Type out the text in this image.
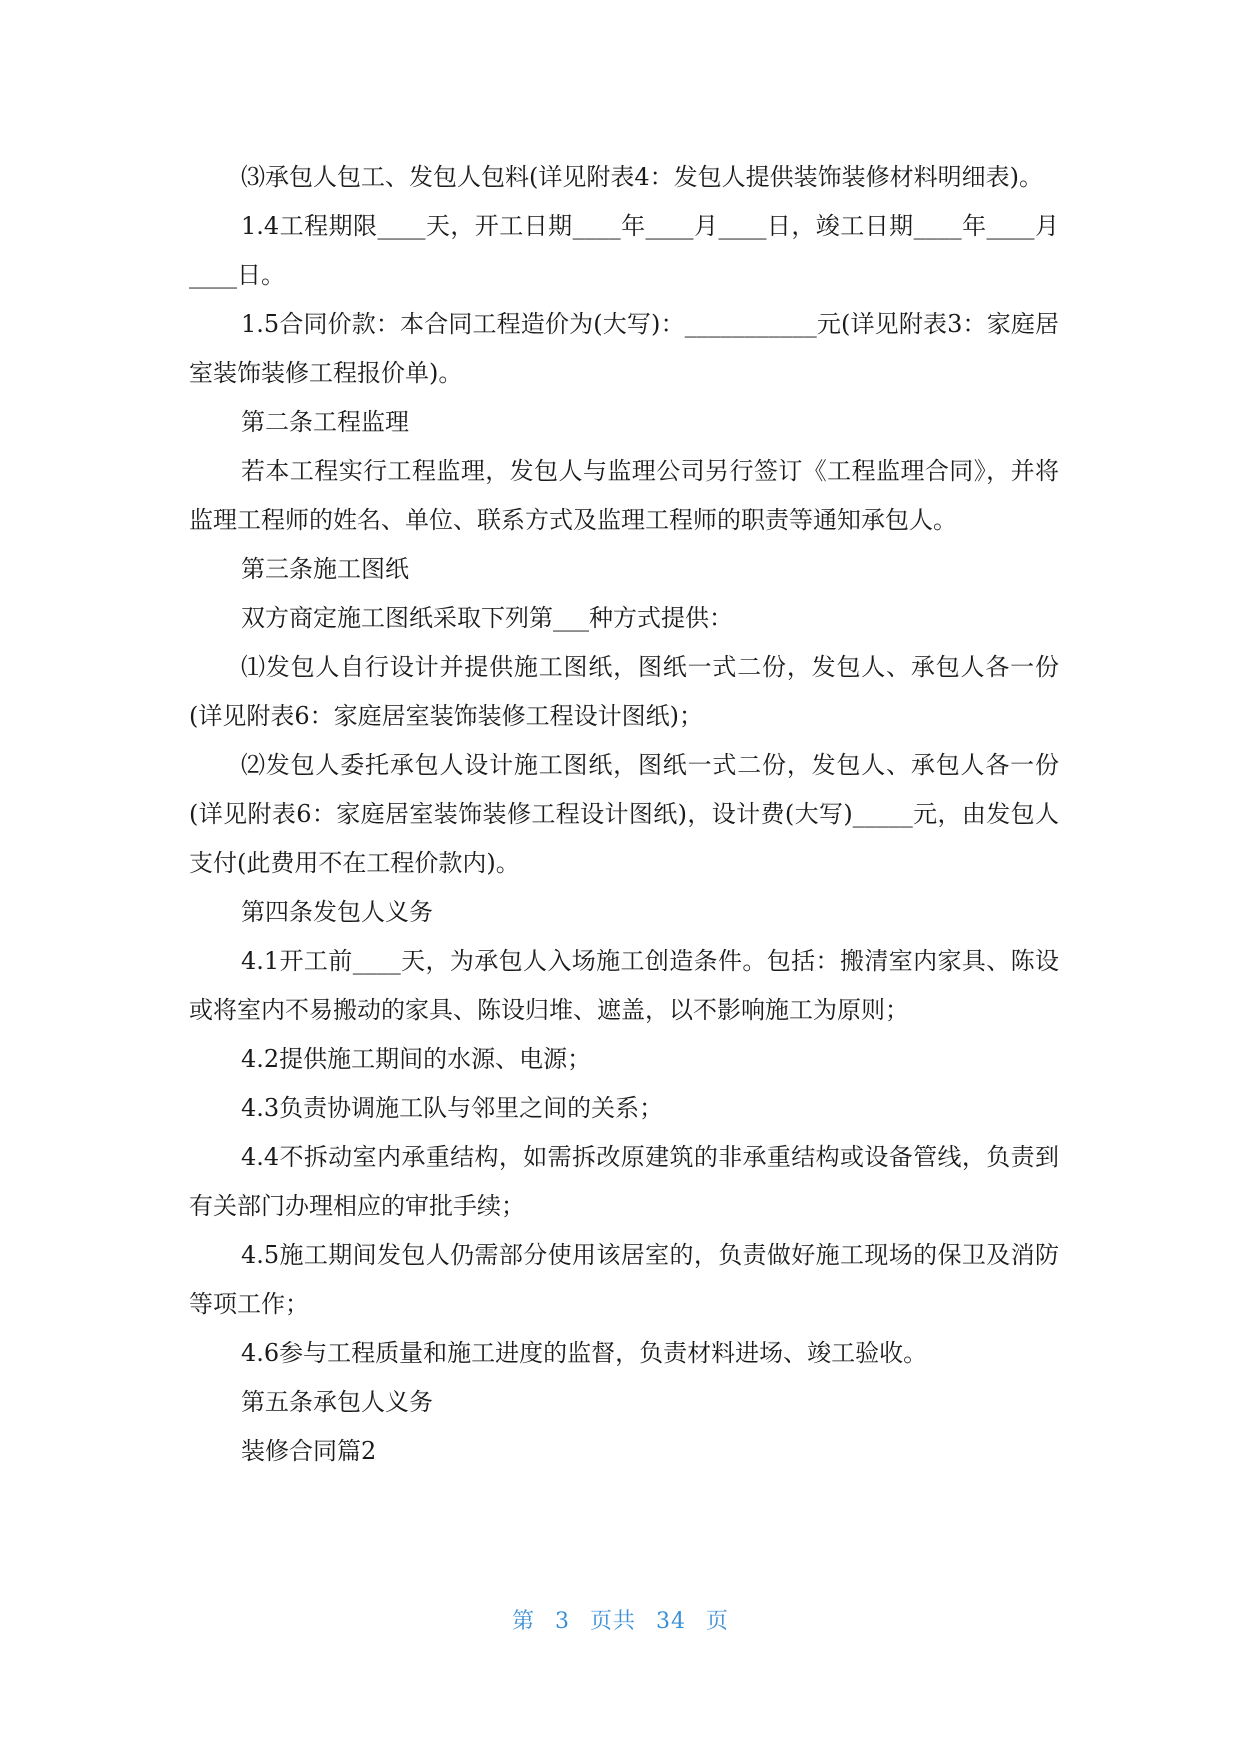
⑶承包人包工、发包人包料(详见附表4：发包人提供装饰装修材料明细表)。

1.4工程期限____天，开工日期____年____月____日，竣工日期____年____月____日。

1.5合同价款：本合同工程造价为(大写)：___________元(详见附表3：家庭居室装饰装修工程报价单)。

第二条工程监理

若本工程实行工程监理，发包人与监理公司另行签订《工程监理合同》，并将监理工程师的姓名、单位、联系方式及监理工程师的职责等通知承包人。

第三条施工图纸

双方商定施工图纸采取下列第___种方式提供：

⑴发包人自行设计并提供施工图纸，图纸一式二份，发包人、承包人各一份(详见附表6：家庭居室装饰装修工程设计图纸)；

⑵发包人委托承包人设计施工图纸，图纸一式二份，发包人、承包人各一份(详见附表6：家庭居室装饰装修工程设计图纸)，设计费(大写)_____元，由发包人支付(此费用不在工程价款内)。

第四条发包人义务

4.1开工前____天，为承包人入场施工创造条件。包括：搬清室内家具、陈设或将室内不易搬动的家具、陈设归堆、遮盖，以不影响施工为原则；

4.2提供施工期间的水源、电源；

4.3负责协调施工队与邻里之间的关系；

4.4不拆动室内承重结构，如需拆改原建筑的非承重结构或设备管线，负责到有关部门办理相应的审批手续；

4.5施工期间发包人仍需部分使用该居室的，负责做好施工现场的保卫及消防等项工作；

4.6参与工程质量和施工进度的监督，负责材料进场、竣工验收。

第五条承包人义务

装修合同篇2

第 3 页共 34 页
